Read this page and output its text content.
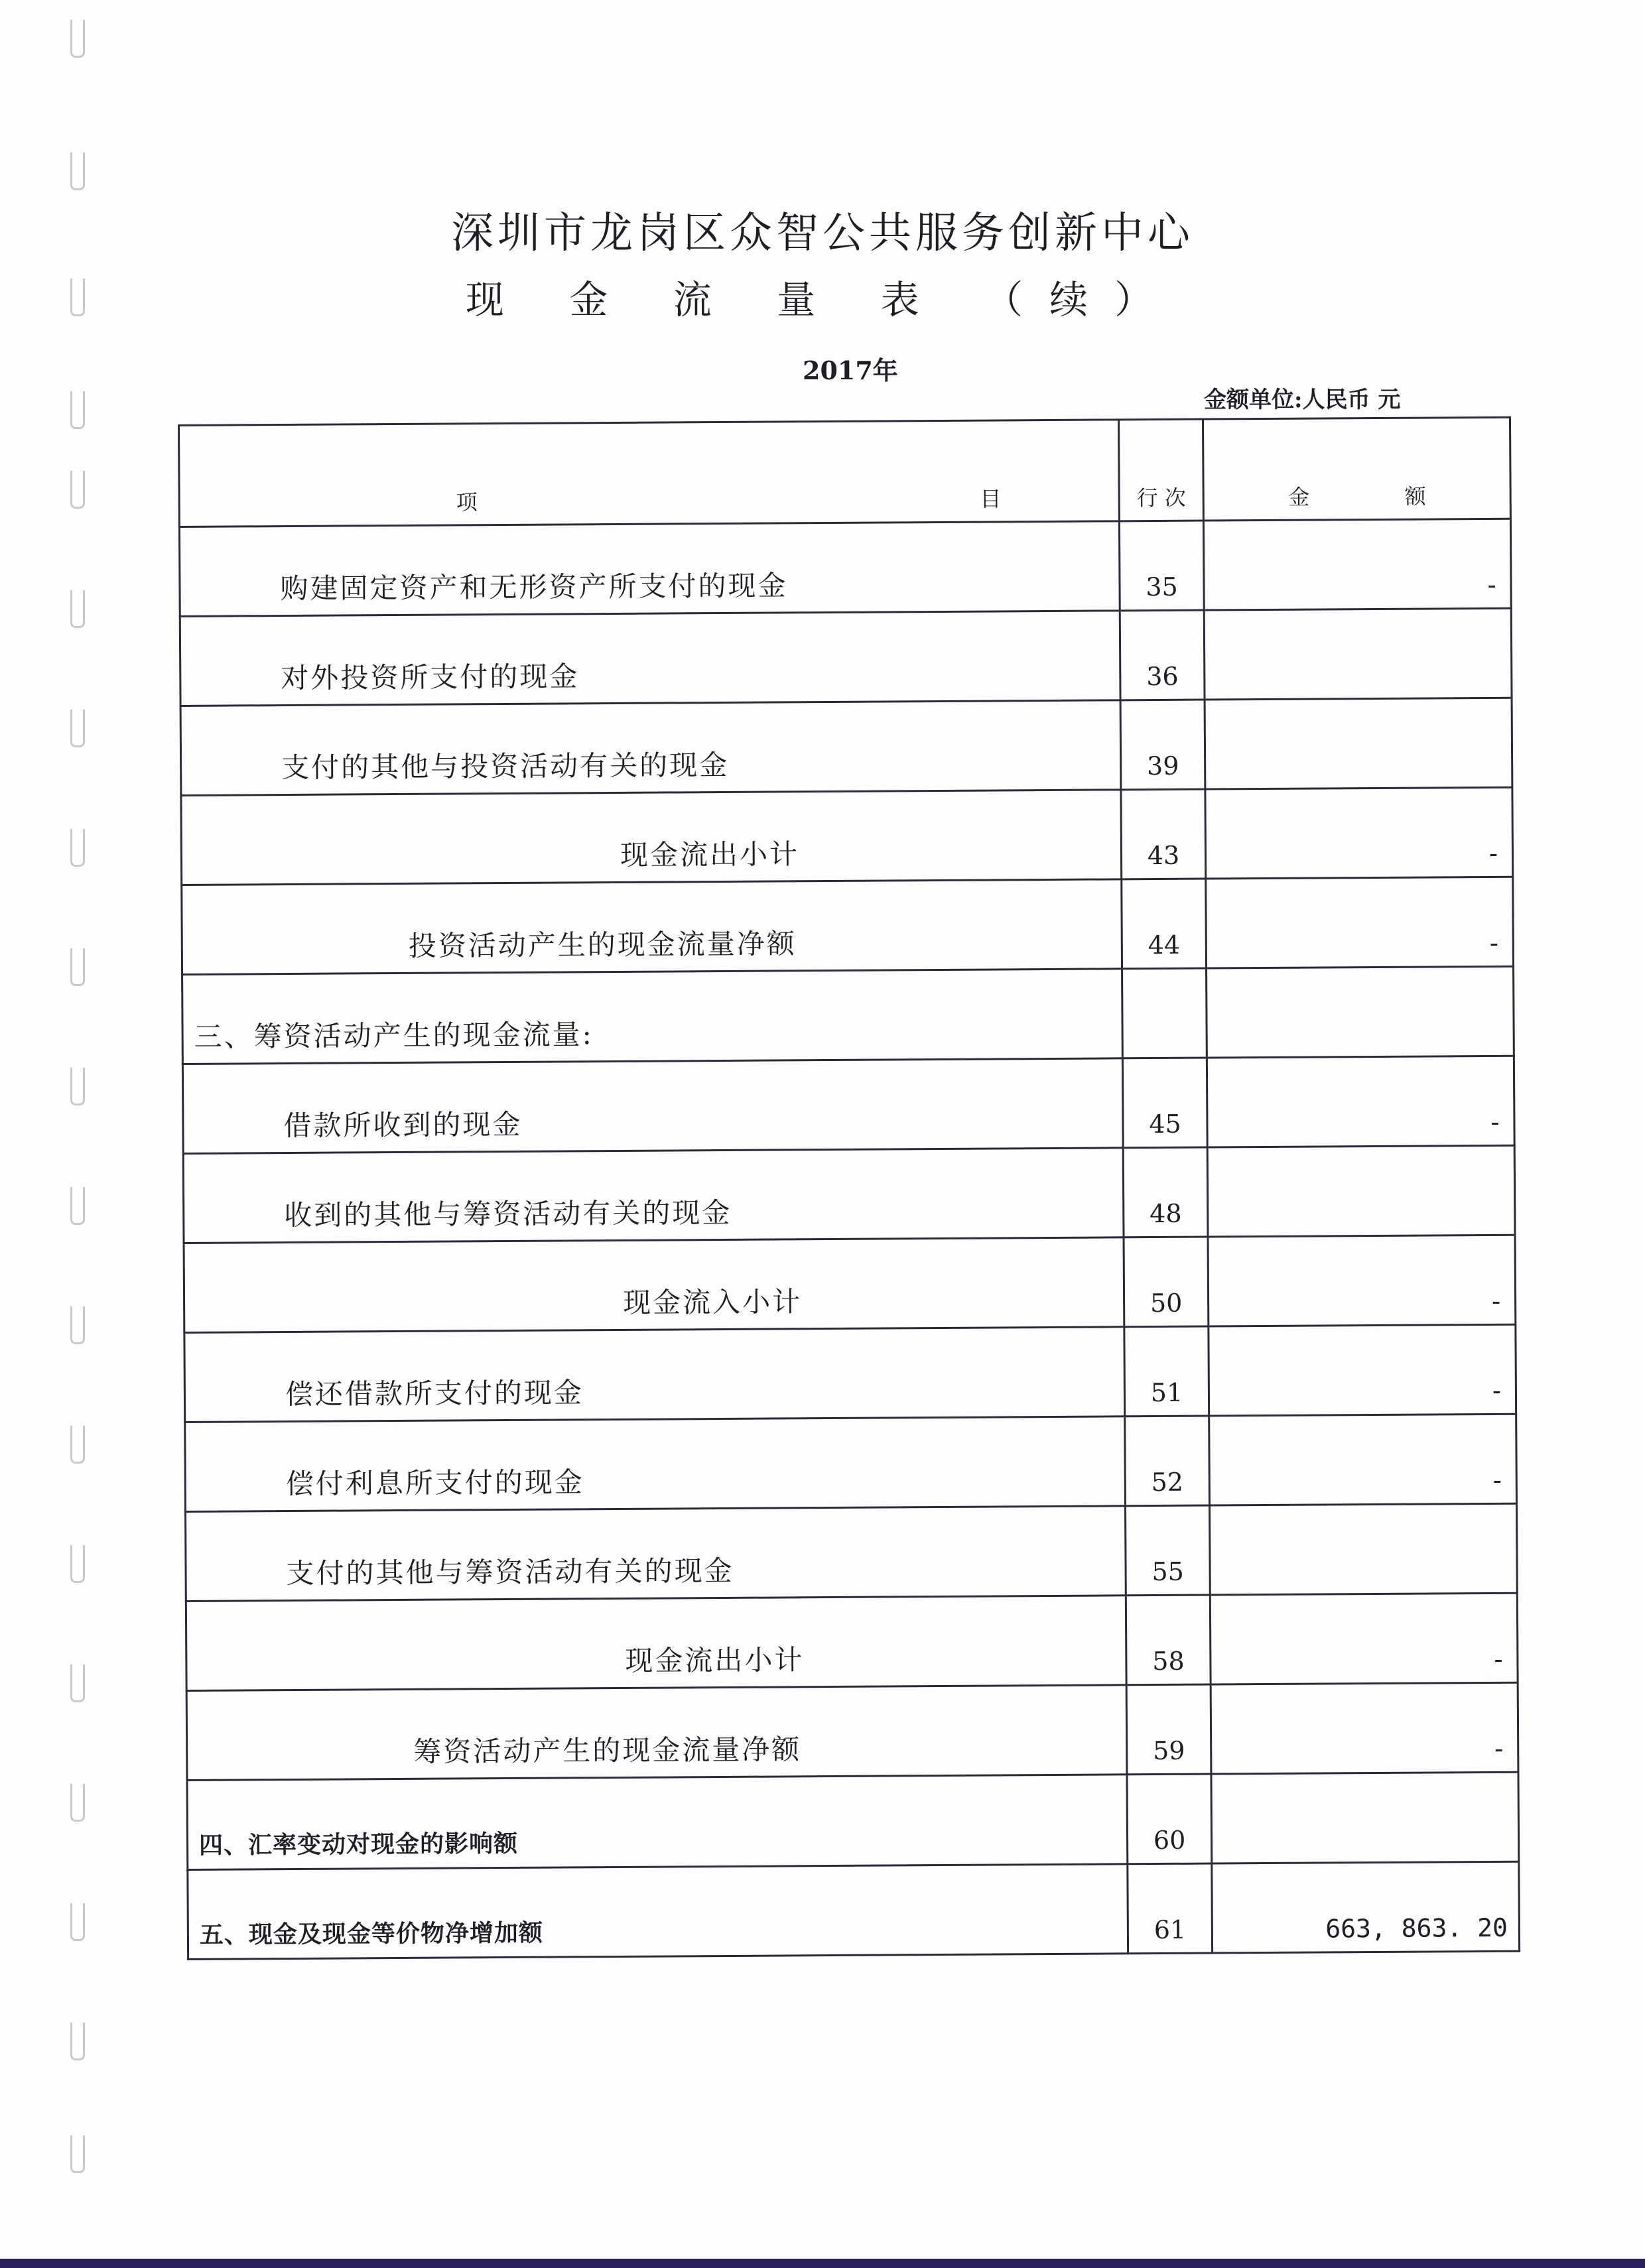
深圳市龙岗区众智公共服务创新中心
现 金 流 量 表 （续）
2017年
金额单位:人民币 元
项 目	行 次	金 额

购建固定资产和无形资产所支付的现金	35	-
对外投资所支付的现金	36	
支付的其他与投资活动有关的现金	39	
现金流出小计	43	-
投资活动产生的现金流量净额	44	-
三、筹资活动产生的现金流量:		
借款所收到的现金	45	-
收到的其他与筹资活动有关的现金	48	
现金流入小计	50	-
偿还借款所支付的现金	51	-
偿付利息所支付的现金	52	-
支付的其他与筹资活动有关的现金	55	
现金流出小计	58	-
筹资活动产生的现金流量净额	59	-
四、汇率变动对现金的影响额	60	
五、现金及现金等价物净增加额	61	663, 863. 20
